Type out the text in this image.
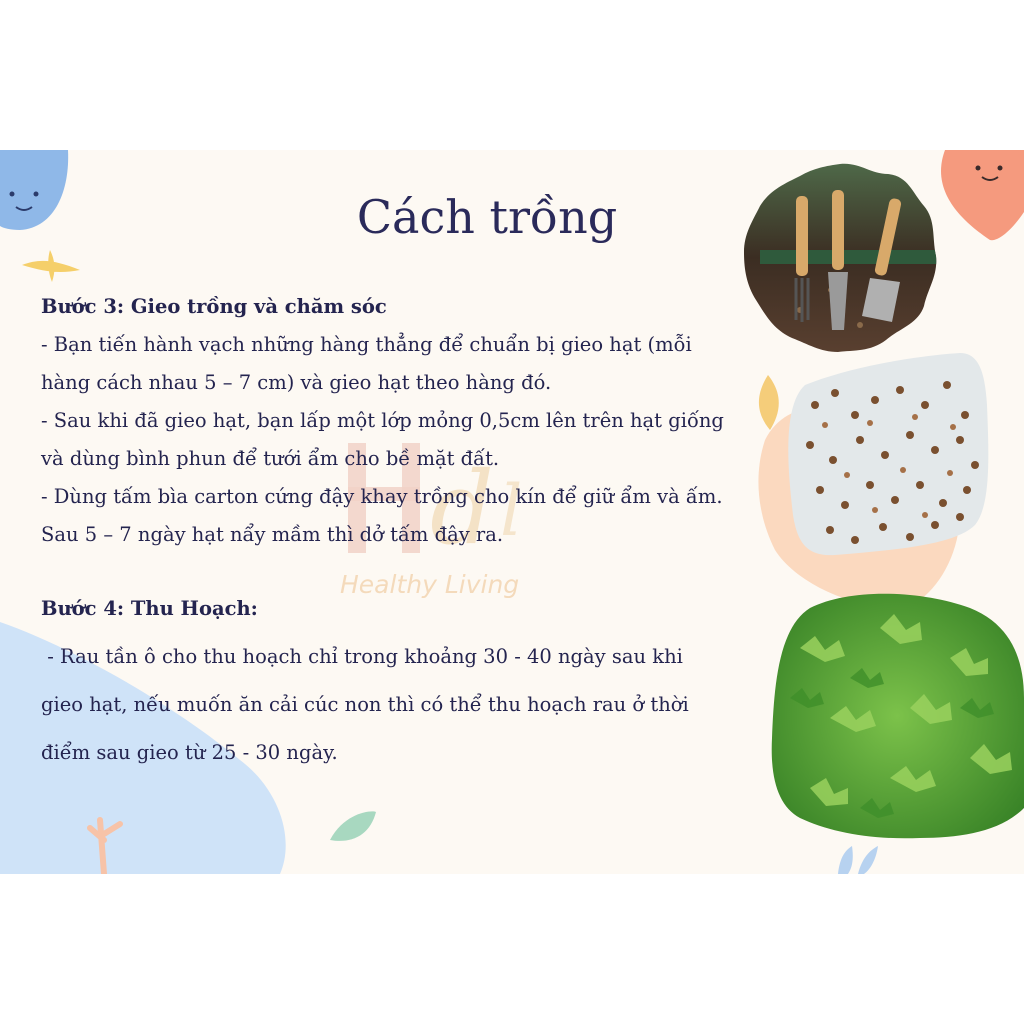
d l
Healthy Living
Cách trồng
Bước 3: Gieo trồng và chăm sóc
- Bạn tiến hành vạch những hàng thẳng để chuẩn bị gieo hạt (mỗi
hàng cách nhau 5 – 7 cm) và gieo hạt theo hàng đó.
- Sau khi đã gieo hạt, bạn lấp một lớp mỏng 0,5cm lên trên hạt giống
và dùng bình phun để tưới ẩm cho bề mặt đất.
- Dùng tấm bìa carton cứng đậy khay trồng cho kín để giữ ẩm và ấm.
Sau 5 – 7 ngày hạt nẩy mầm thì dở tấm đậy ra.
Bước 4: Thu Hoạch:
- Rau tần ô cho thu hoạch chỉ trong khoảng 30 - 40 ngày sau khi
gieo hạt, nếu muốn ăn cải cúc non thì có thể thu hoạch rau ở thời
điểm sau gieo từ 25 - 30 ngày.
